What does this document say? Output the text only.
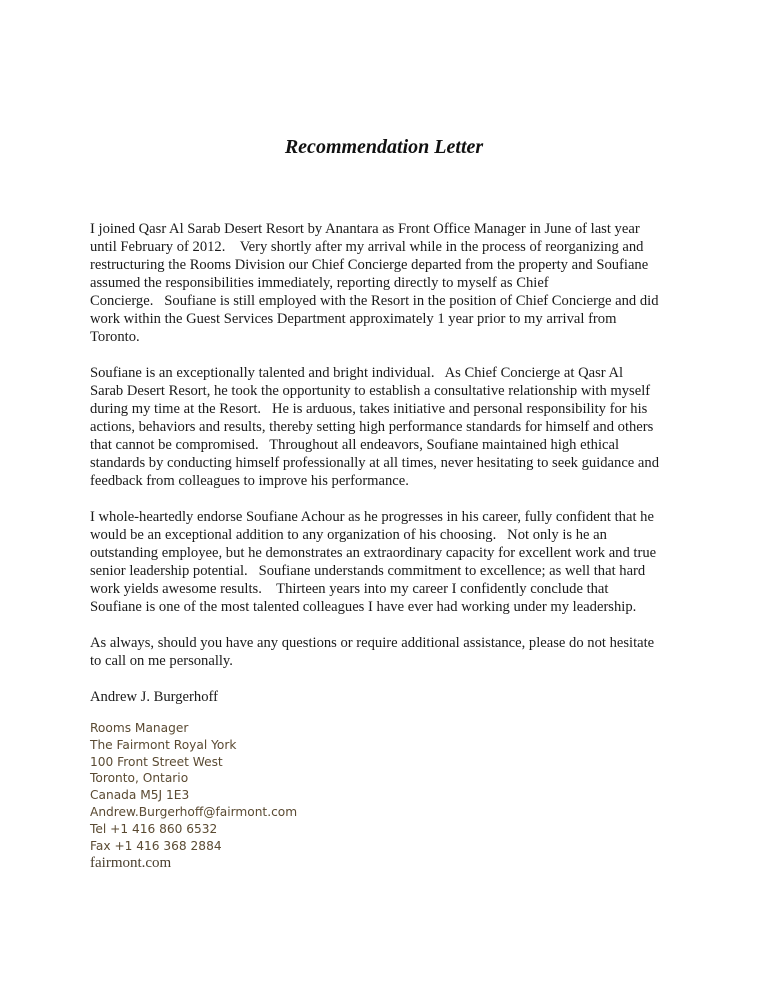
Recommendation Letter

I joined Qasr Al Sarab Desert Resort by Anantara as Front Office Manager in June of last year
until February of 2012.    Very shortly after my arrival while in the process of reorganizing and
restructuring the Rooms Division our Chief Concierge departed from the property and Soufiane
assumed the responsibilities immediately, reporting directly to myself as Chief
Concierge.   Soufiane is still employed with the Resort in the position of Chief Concierge and did
work within the Guest Services Department approximately 1 year prior to my arrival from
Toronto.

Soufiane is an exceptionally talented and bright individual.   As Chief Concierge at Qasr Al
Sarab Desert Resort, he took the opportunity to establish a consultative relationship with myself
during my time at the Resort.   He is arduous, takes initiative and personal responsibility for his
actions, behaviors and results, thereby setting high performance standards for himself and others
that cannot be compromised.   Throughout all endeavors, Soufiane maintained high ethical
standards by conducting himself professionally at all times, never hesitating to seek guidance and
feedback from colleagues to improve his performance.

I whole-heartedly endorse Soufiane Achour as he progresses in his career, fully confident that he
would be an exceptional addition to any organization of his choosing.   Not only is he an
outstanding employee, but he demonstrates an extraordinary capacity for excellent work and true
senior leadership potential.   Soufiane understands commitment to excellence; as well that hard
work yields awesome results.    Thirteen years into my career I confidently conclude that
Soufiane is one of the most talented colleagues I have ever had working under my leadership.

As always, should you have any questions or require additional assistance, please do not hesitate
to call on me personally.

Andrew J. Burgerhoff

Rooms Manager
The Fairmont Royal York
100 Front Street West
Toronto, Ontario
Canada M5J 1E3
Andrew.Burgerhoff@fairmont.com
Tel +1 416 860 6532
Fax +1 416 368 2884
fairmont.com
